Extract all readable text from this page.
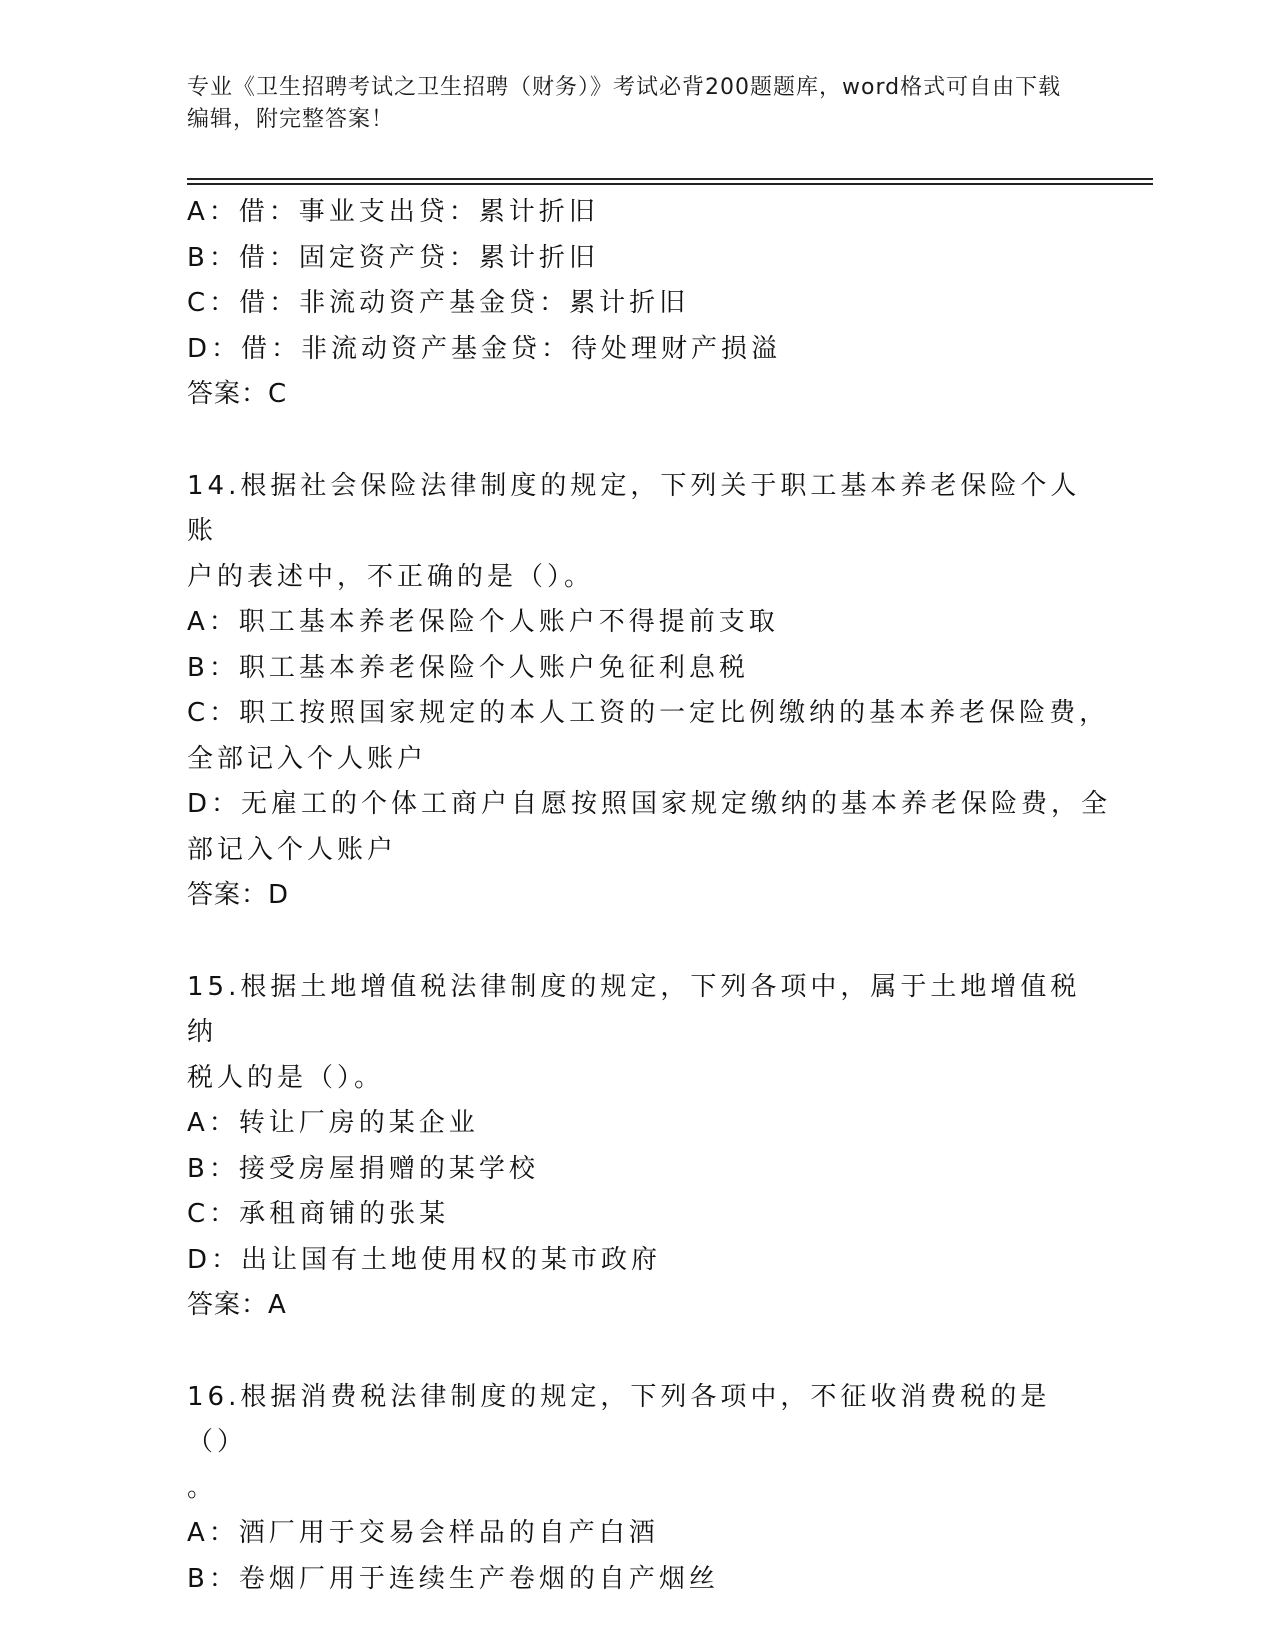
专业《卫生招聘考试之卫生招聘（财务）》考试必背200题题库，word格式可自由下载编辑，附完整答案！
A：借：事业支出贷：累计折旧
B：借：固定资产贷：累计折旧
C：借：非流动资产基金贷：累计折旧
D：借：非流动资产基金贷：待处理财产损溢
答案：C
14.根据社会保险法律制度的规定，下列关于职工基本养老保险个人账
户的表述中，不正确的是（）。
A：职工基本养老保险个人账户不得提前支取
B：职工基本养老保险个人账户免征利息税
C：职工按照国家规定的本人工资的一定比例缴纳的基本养老保险费，
全部记入个人账户
D：无雇工的个体工商户自愿按照国家规定缴纳的基本养老保险费，全
部记入个人账户
答案：D
15.根据土地增值税法律制度的规定，下列各项中，属于土地增值税纳
税人的是（）。
A：转让厂房的某企业
B：接受房屋捐赠的某学校
C：承租商铺的张某
D：出让国有土地使用权的某市政府
答案：A
16.根据消费税法律制度的规定，下列各项中，不征收消费税的是（）
。
A：酒厂用于交易会样品的自产白酒
B：卷烟厂用于连续生产卷烟的自产烟丝
